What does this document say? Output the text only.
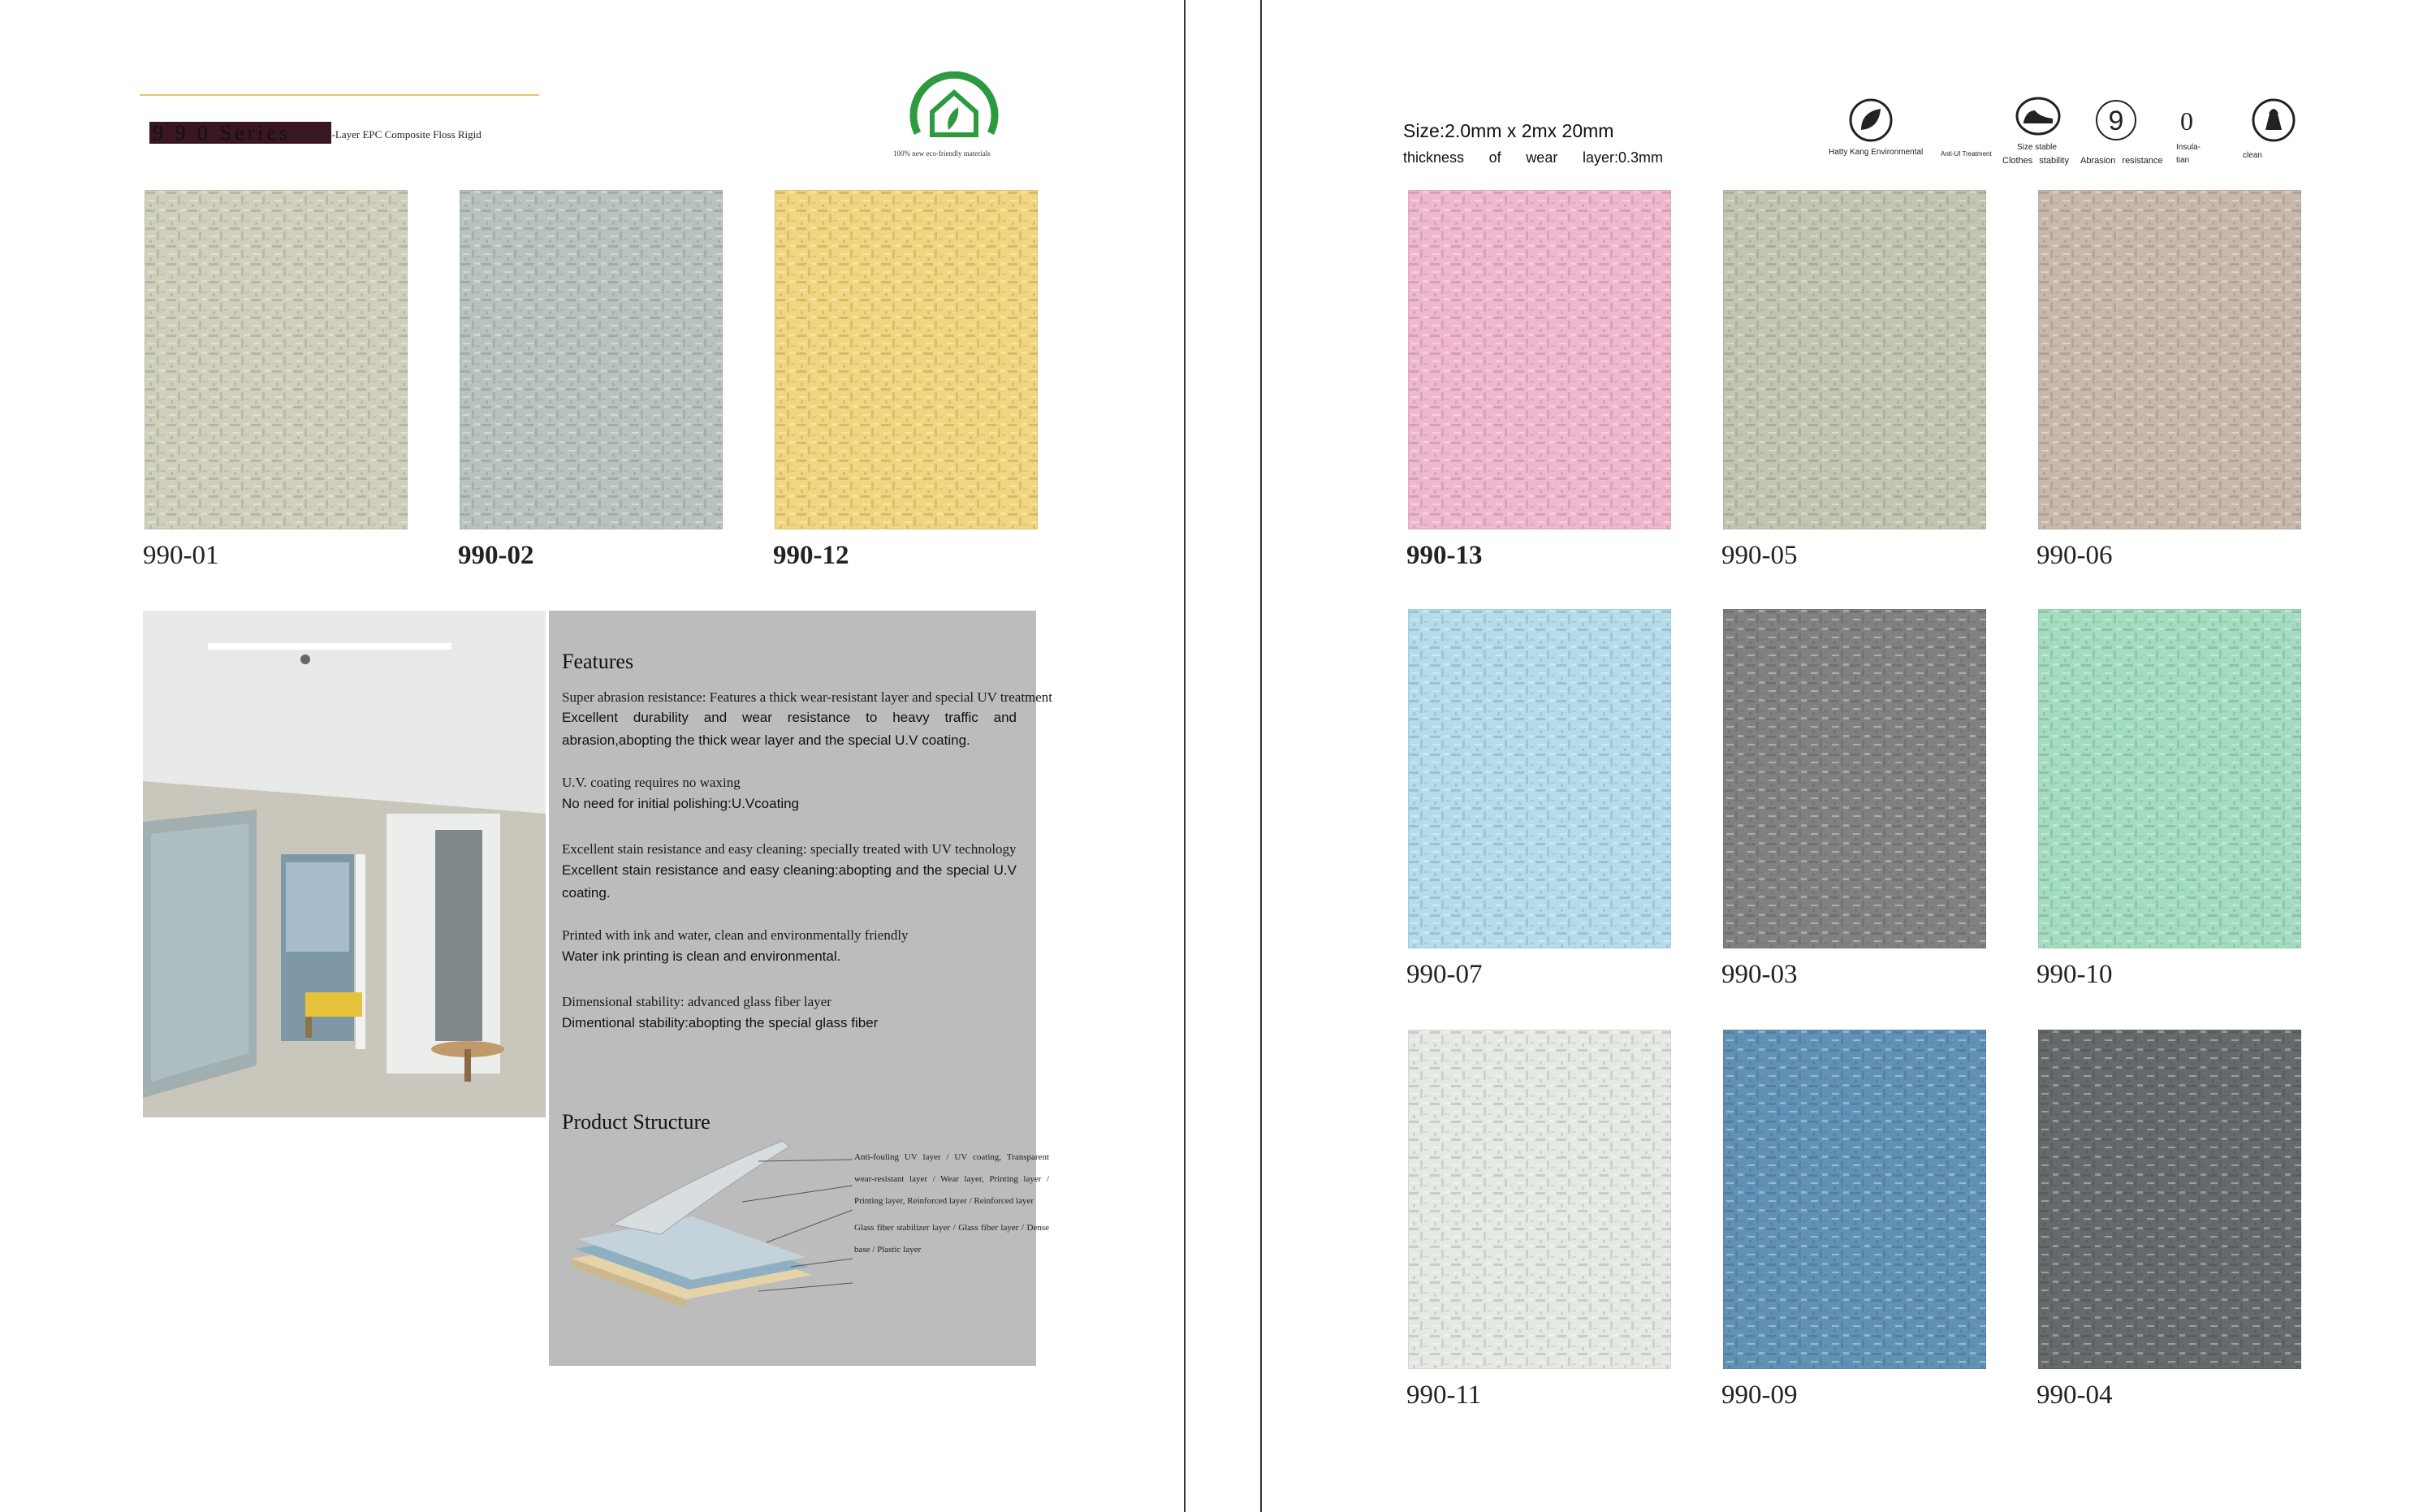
9 9 0 Series
Custom Multi-Layer EPC Composite Floss Rigid
100% new eco-friendly materials
990-01	990-02	990-12
Features
Super abrasion resistance: Features a thick wear-resistant layer and special UV treatment
Excellent durability and wear resistance to heavy traffic and abrasion,abopting the thick wear layer and the special U.V coating.
U.V. coating requires no waxing
No need for initial polishing:U.Vcoating
Excellent stain resistance and easy cleaning: specially treated with UV technology
Excellent stain resistance and easy cleaning:abopting and the special U.V coating.
Printed with ink and water, clean and environmentally friendly
Water ink printing is clean and environmental.
Dimensional stability: advanced glass fiber layer
Dimentional stability:abopting the special glass fiber
Product Structure
Anti-fouling UV layer / UV coating, Transparent wear-resistant layer / Wear layer, Printing layer / Printing layer, Reinforced layer / Reinforced layer
Glass fiber stabilizer layer / Glass fiber layer / Dense base / Plastic layer
Size:2.0mm x 2mx 20mm
thickness of wear layer:0.3mm	Hatty Kang Environmental	Anti-UI Treatment
Size stable
9 0
Insula-tian
clean
Clothes stability Abrasion resistance
990-13	990-05	990-06
990-07	990-03	990-10
990-11	990-09	990-04
